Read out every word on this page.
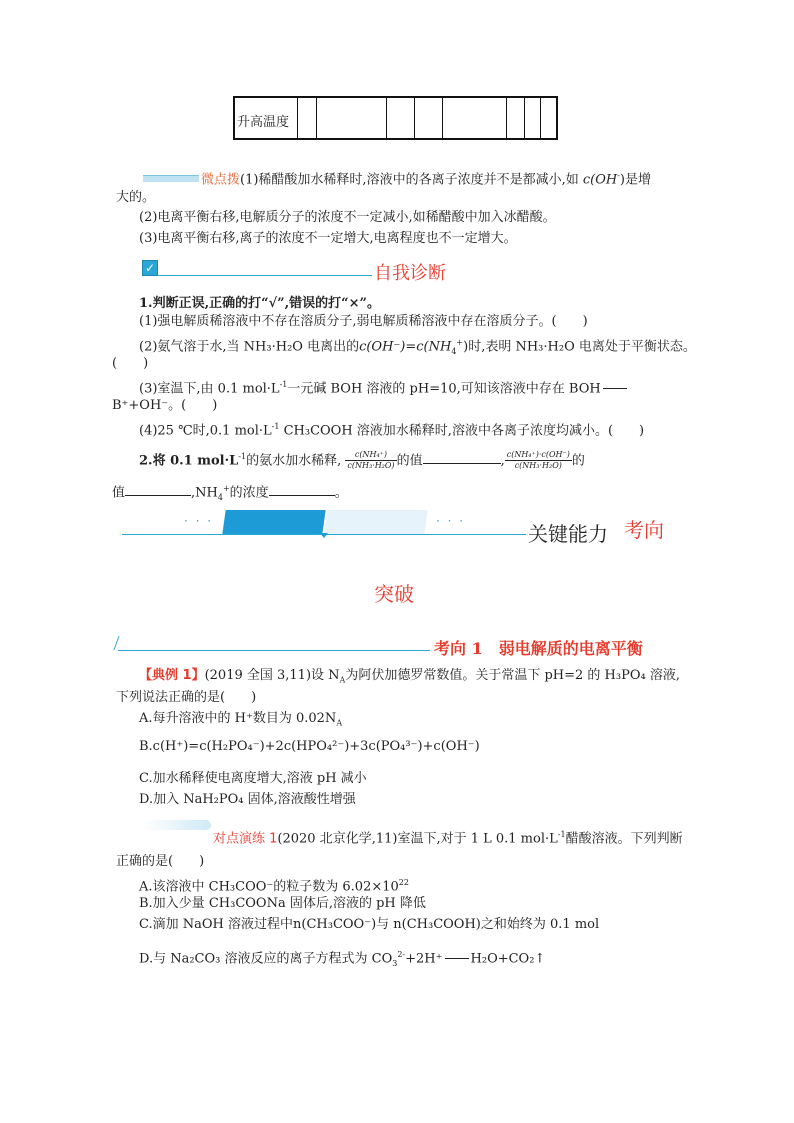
升高温度
微点拨(1)稀醋酸加水稀释时,溶液中的各离子浓度并不是都减小,如 c(OH-)是增
大的。
(2)电离平衡右移,电解质分子的浓度不一定减小,如稀醋酸中加入冰醋酸。
(3)电离平衡右移,离子的浓度不一定增大,电离程度也不一定增大。
✓	自我诊断
1.判断正误,正确的打“√”,错误的打“×”。
(1)强电解质稀溶液中不存在溶质分子,弱电解质稀溶液中存在溶质分子。(　　)
(2)氨气溶于水,当 NH₃·H₂O 电离出的$c(OH^-)=c(NH_4^+)$时,表明 NH₃·H₂O 电离处于平衡状态。
(　　)
(3)室温下,由 0.1 $mol\cdot L^{-1}$一元碱 BOH 溶液的 pH=10,可知该溶液中存在 BOH
B⁺+OH⁻。(　　)
(4)25 ℃时,0.1 $mol\cdot L^{-1}$ CH₃COOH 溶液加水稀释时,溶液中各离子浓度均减小。(　　)
2.将 0.1 $mol\cdot L^{-1}$的氨水加水稀释, $\frac{\text{c(NH₄⁺)}}{\text{c(NH₃·H₂O)}}$ 的值	, $\frac{\text{c(NH₄⁺)·c(OH⁻)}}{\text{c(NH₃·H₂O)}}$ 的
值	$,NH_4^+$的浓度	。
· · ·	· · ·
关键能力 考向
突破
考向 1　弱电解质的电离平衡
【典例 1】(2019 全国 3,11)设 $N_A$为阿伏加德罗常数值。关于常温下 pH=2 的 H₃PO₄ 溶液,
下列说法正确的是(　　)
A.每升溶液中的 H⁺数目为 $0.02N_A$
B.c(H⁺)=c(H₂PO₄⁻)+2c(HPO₄²⁻)+3c(PO₄³⁻)+c(OH⁻)
C.加水稀释使电离度增大,溶液 pH 减小
D.加入 NaH₂PO₄ 固体,溶液酸性增强
对点演练 1(2020 北京化学,11)室温下,对于 1 L 0.1 $mol\cdot L^{-1}$醋酸溶液。下列判断
正确的是(　　)
A.该溶液中 CH₃COO⁻的粒子数为 $6.02\times 10^{22}$
B.加入少量 CH₃COONa 固体后,溶液的 pH 降低
C.滴加 NaOH 溶液过程中n(CH₃COO⁻)与 n(CH₃COOH)之和始终为 0.1 mol
D.与 Na₂CO₃ 溶液反应的离子方程式为 $CO_3^{2-}+2H^+$ H₂O+CO₂↑
